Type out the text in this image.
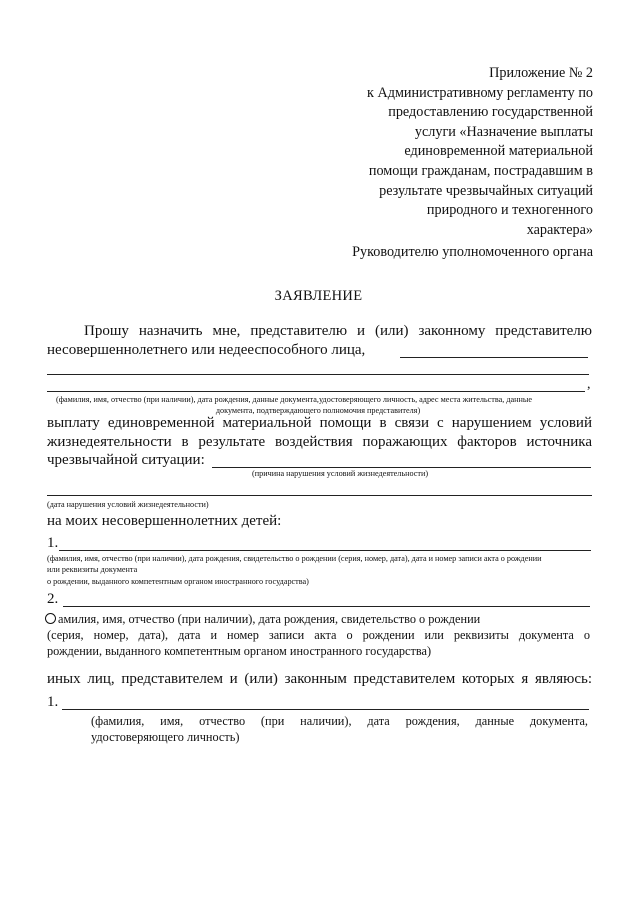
Приложение № 2
к Административному регламенту по
предоставлению государственной
услуги «Назначение выплаты
единовременной материальной
помощи гражданам, пострадавшим в
результате чрезвычайных ситуаций
природного и техногенного
характера»
Руководителю уполномоченного органа
ЗАЯВЛЕНИЕ
Прошу назначить мне, представителю и (или) законному представителю
несовершеннолетнего или недееспособного лица,
,
(фамилия, имя, отчество (при наличии), дата рождения, данные документа,удостоверяющего личность, адрес места жительства, данные
документа, подтверждающего полномочия представителя)
выплату единовременной материальной помощи в связи с нарушением условий
жизнедеятельности в результате воздействия поражающих факторов источника
чрезвычайной ситуации:
(причина нарушения условий жизнедеятельности)
(дата нарушения условий жизнедеятельности)
на моих несовершеннолетних детей:
1.
(фамилия, имя, отчество (при наличии), дата рождения, свидетельство о рождении (серия, номер, дата), дата и номер записи акта о рождении
или реквизиты документа
о рождении, выданного компетентным органом иностранного государства)
2.
амилия, имя, отчество (при наличии), дата рождения, свидетельство о рождении
(серия, номер, дата), дата и номер записи акта о рождении или реквизиты документа о
рождении, выданного компетентным органом иностранного государства)
иных лиц, представителем и (или) законным представителем которых я являюсь:
1.
(фамилия, имя, отчество (при наличии), дата рождения, данные документа,
удостоверяющего личность)
